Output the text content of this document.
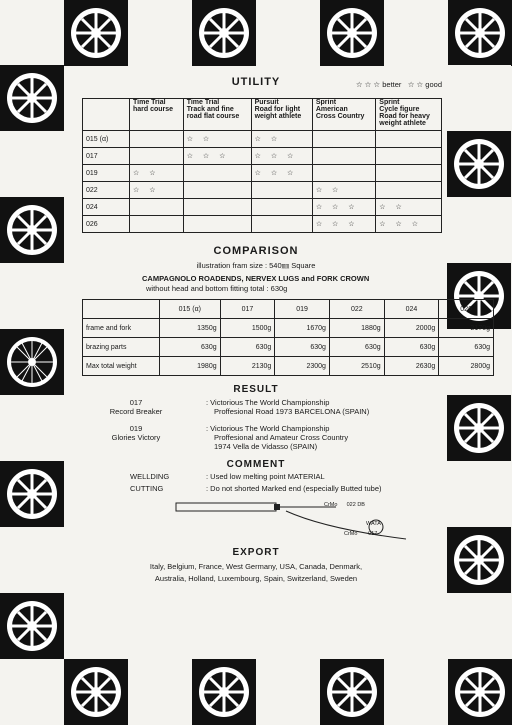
UTILITY	☆ ☆ ☆ better ☆ ☆ good
	Time Trial
hard course	Time Trial
Track and fine
road flat course	Pursuit
Road for light
weight athlete	Sprint
American
Cross Country	Sprint
Cycle figure
Road for heavy
weight athlete
015 (α)		☆ ☆	☆ ☆		
017		☆ ☆ ☆	☆ ☆ ☆		
019	☆ ☆		☆ ☆ ☆		
022	☆ ☆			☆ ☆	
024				☆ ☆ ☆	☆ ☆
026				☆ ☆ ☆	☆ ☆ ☆
COMPARISON
illustration fram size : 540㎜ Square
CAMPAGNOLO ROADENDS, NERVEX LUGS and FORK CROWN
without head and bottom fitting total : 630g
	015 (α)	017	019	022	024	026
frame and fork	1350g	1500g	1670g	1880g	2000g	2170g
brazing parts	630g	630g	630g	630g	630g	630g
Max total weight	1980g	2130g	2300g	2510g	2630g	2800g
RESULT
017	: Victorious The World Championship
Record Breaker	Proffesional Road 1973 BARCELONA (SPAIN)
019	: Victorious The World Championship
Glories Victory	Proffesional and Amateur Cross Country
1974 Vella de Vidasso (SPAIN)
COMMENT
WELLDING	: Used low melting point MATERIAL
CUTTING	: Do not shorted Marked end (especially Butted tube)
CrMo 022 DB
WATA
CrMo 017
EXPORT
Italy, Belgium, France, West Germany, USA, Canada, Denmark,
Australia, Holland, Luxembourg, Spain, Switzerland, Sweden
